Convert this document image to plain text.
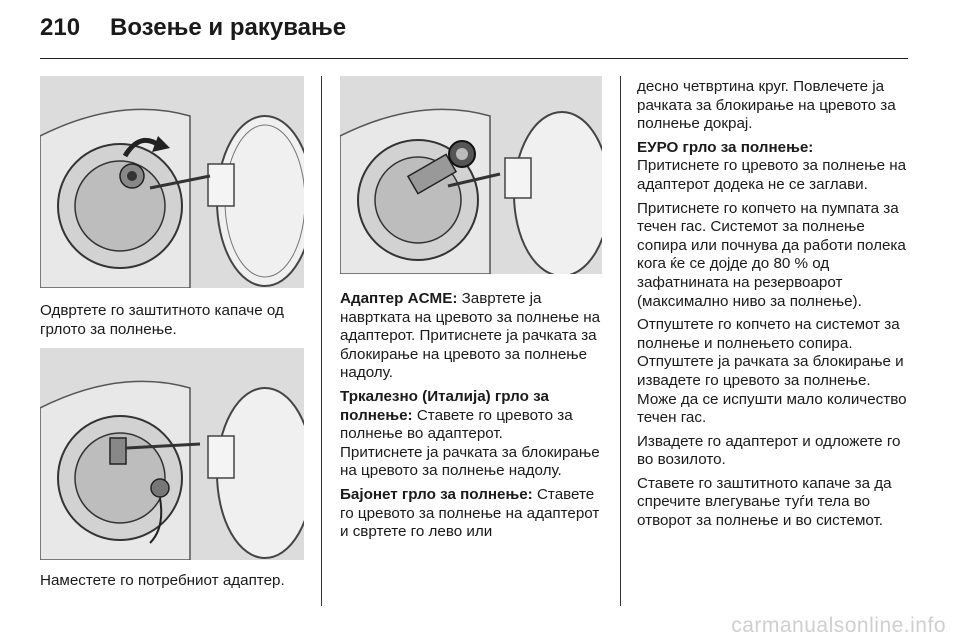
210 Возење и ракување

Одвртете го заштитното капаче од грлото за полнење.

Наместете го потребниот адаптер.

Адаптер ACME: Завртете ја навртката на цревото за полнење на адаптерот. Притиснете ја рачката за блокирање на цревото за полнење надолу.

Тркалезно (Италија) грло за полнење: Ставете го цревото за полнење во адаптерот.

Притиснете ја рачката за блокирање на цревото за полнење надолу.

Бајонет грло за полнење: Ставете го цревото за полнење на адаптерот и свртете го лево или

десно четвртина круг. Повлечете ја рачката за блокирање на цревото за полнење докрај.

ЕУРО грло за полнење:

Притиснете го цревото за полнење на адаптерот додека не се заглави.

Притиснете го копчето на пумпата за течен гас. Системот за полнење сопира или почнува да работи полека кога ќе се дојде до 80 % од зафатнината на резервоарот (максимално ниво за полнење).

Отпуштете го копчето на системот за полнење и полнењето сопира. Отпуштете ја рачката за блокирање и извадете го цревото за полнење. Може да се испушти мало количество течен гас.

Извадете го адаптерот и одложете го во возилото.

Ставете го заштитното капаче за да спречите влегување туѓи тела во отворот за полнење и во системот.

carmanualsonline.info
